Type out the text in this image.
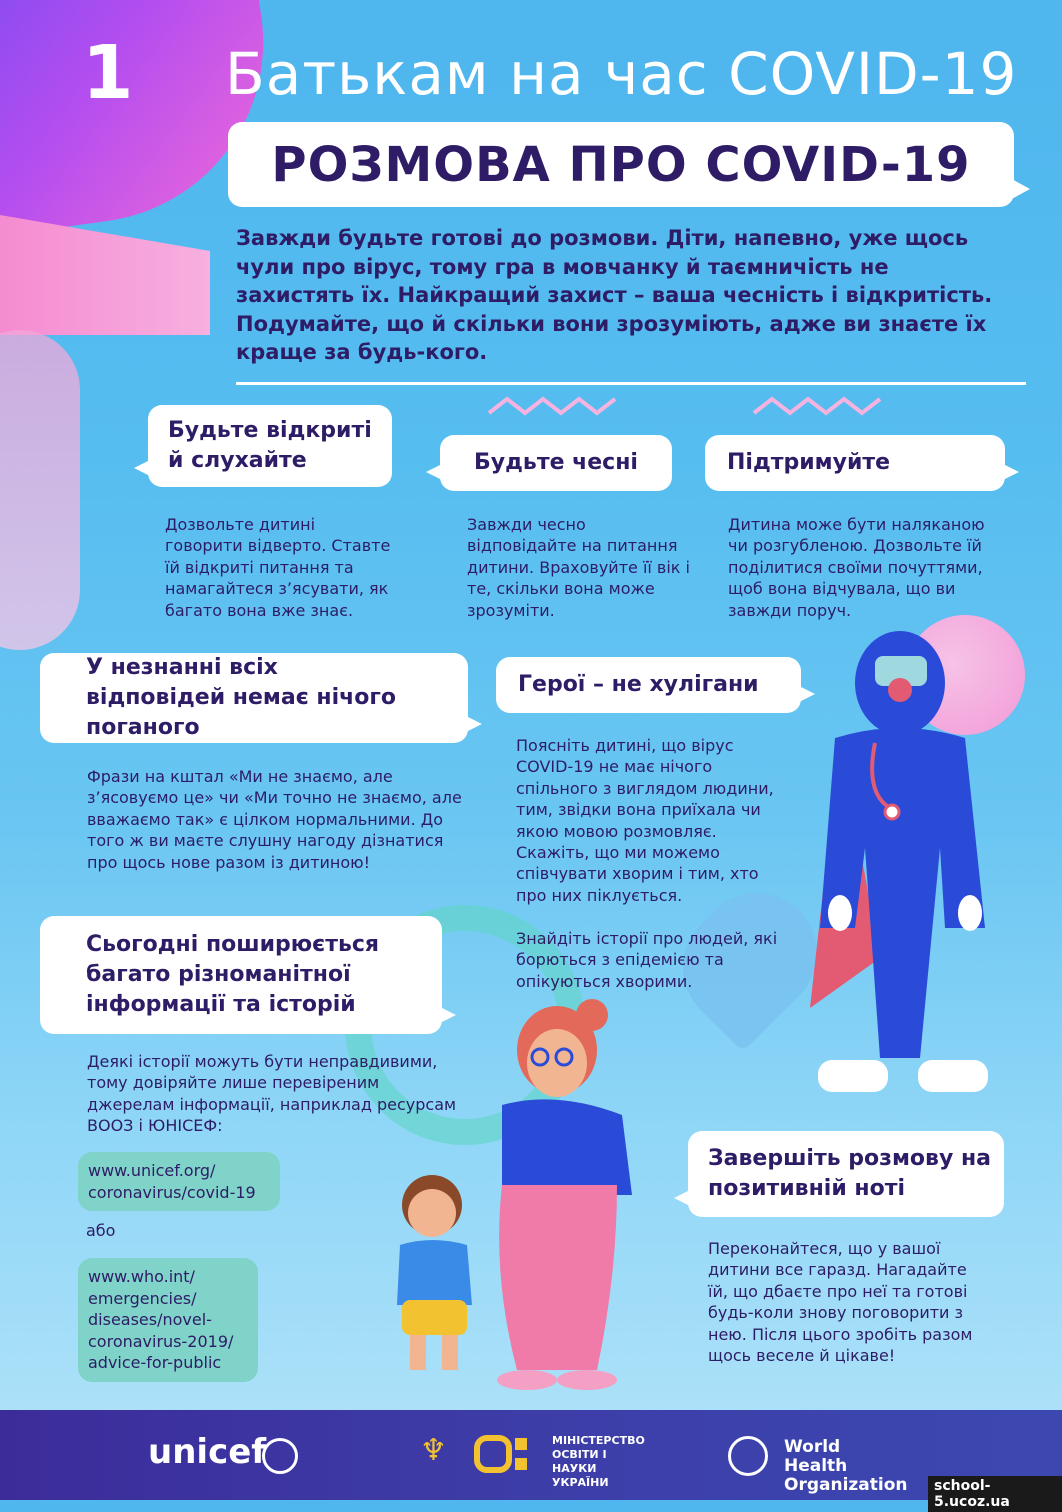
1 Батькам на час COVID-19
РОЗМОВА ПРО COVID-19
Завжди будьте готові до розмови. Діти, напевно, уже щось чули про вірус, тому гра в мовчанку й таємничість не захистять їх. Найкращий захист – ваша чесність і відкритість. Подумайте, що й скільки вони зрозуміють, адже ви знаєте їх краще за будь-кого.
Будьте відкриті й слухайте
Дозвольте дитині говорити відверто. Ставте їй відкриті питання та намагайтеся з’ясувати, як багато вона вже знає.
Будьте чесні
Завжди чесно відповідайте на питання дитини. Враховуйте її вік і те, скільки вона може зрозуміти.
Підтримуйте
Дитина може бути наляканою чи розгубленою. Дозвольте їй поділитися своїми почуттями, щоб вона відчувала, що ви завжди поруч.
У незнанні всіх відповідей немає нічого поганого
Фрази на кштал «Ми не знаємо, але з’ясовуємо це» чи «Ми точно не знаємо, але вважаємо так» є цілком нормальними. До того ж ви маєте слушну нагоду дізнатися про щось нове разом із дитиною!
Герої – не хулігани
Поясніть дитині, що вірус COVID-19 не має нічого спільного з виглядом людини, тим, звідки вона приїхала чи якою мовою розмовляє. Скажіть, що ми можемо співчувати хворим і тим, хто про них піклується.
Знайдіть історії про людей, які борються з епідемією та опікуються хворими.
Сьогодні поширюється багато різноманітної інформації та історій
Деякі історії можуть бути неправдивими, тому довіряйте лише перевіреним джерелам інформації, наприклад ресурсам ВООЗ і ЮНІСЕФ:
www.unicef.org/ coronavirus/covid-19
або
www.who.int/ emergencies/ diseases/novel- coronavirus-2019/ advice-for-public
Завершіть розмову на позитивній ноті
Переконайтеся, що у вашої дитини все гаразд. Нагадайте їй, що дбаєте про неї та готові будь-коли знову поговорити з нею. Після цього зробіть разом щось веселе й цікаве!
unicef	♆	МІНІСТЕРСТВО ОСВІТИ І НАУКИ УКРАЇНИ
World Health Organization	school-5.ucoz.ua
